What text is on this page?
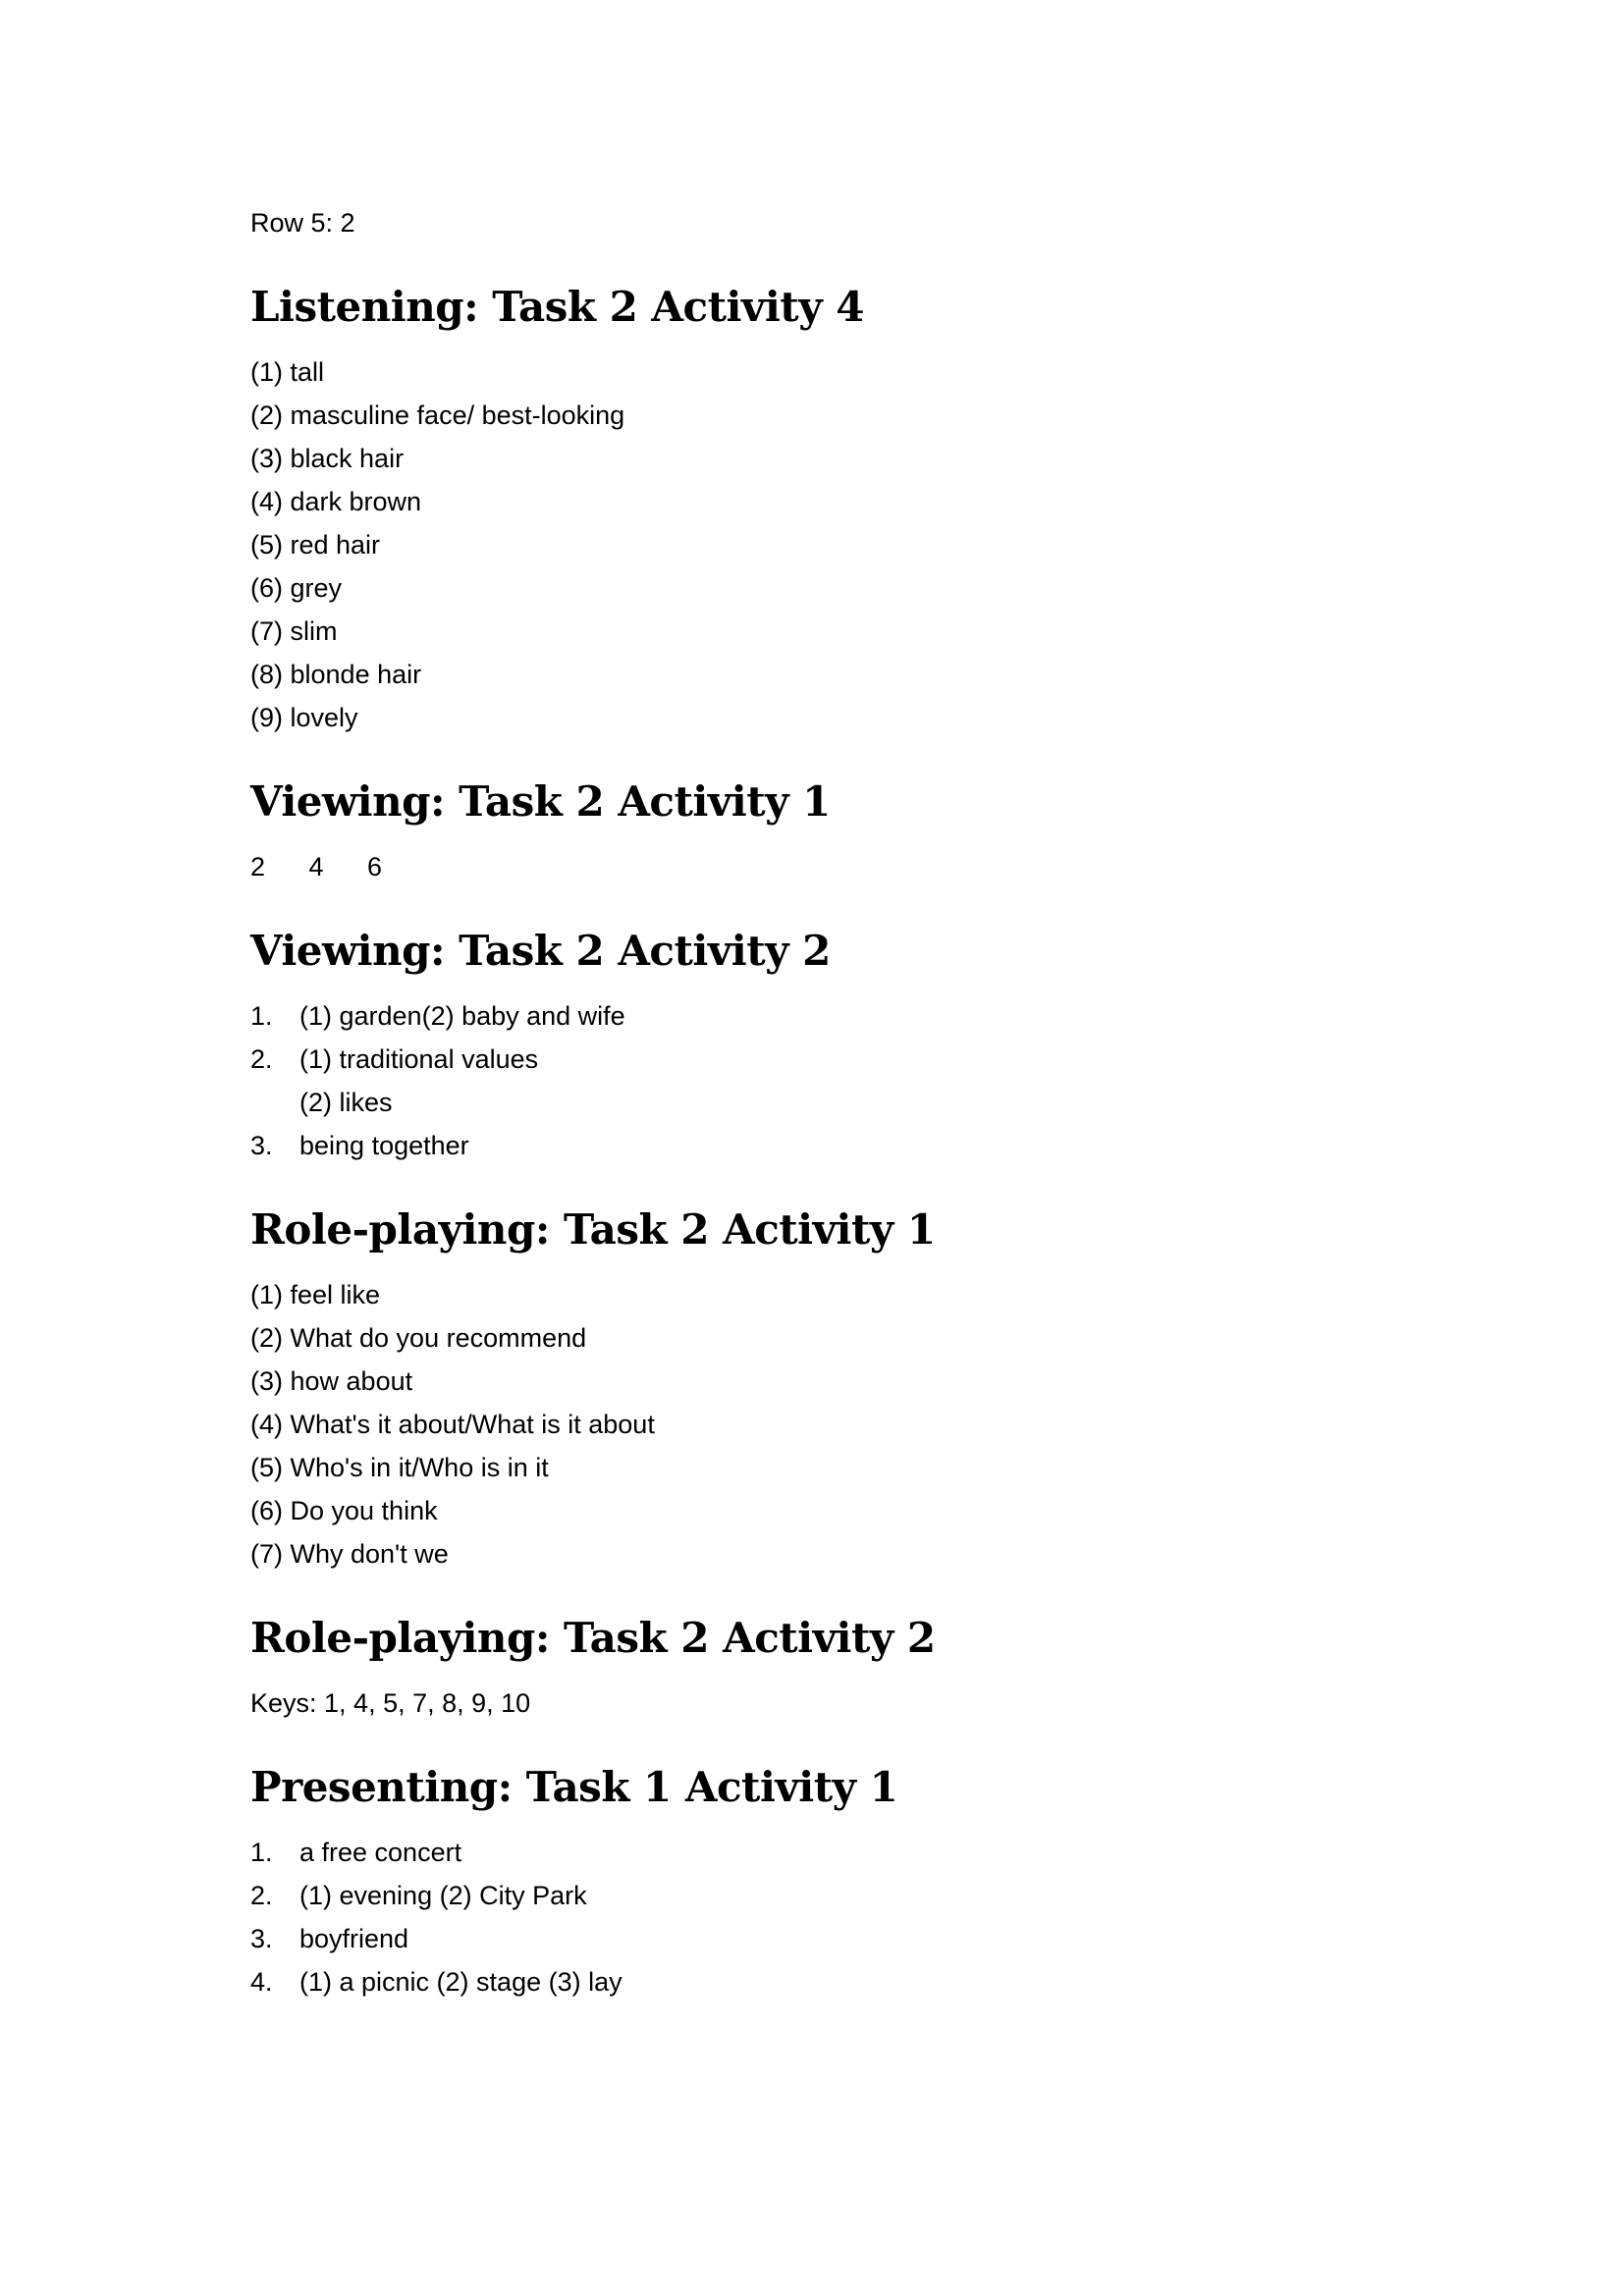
Row 5: 2

Listening: Task 2 Activity 4

(1) tall

(2) masculine face/ best-looking

(3) black hair

(4) dark brown

(5) red hair

(6) grey

(7) slim

(8) blonde hair

(9) lovely

Viewing: Task 2 Activity 1
2 4 6
Viewing: Task 2 Activity 2
1. (1) garden(2) baby and wife
2. (1) traditional values
(2) likes
3. being together
Role-playing: Task 2 Activity 1

(1) feel like

(2) What do you recommend

(3) how about

(4) What's it about/What is it about

(5) Who's in it/Who is in it

(6) Do you think

(7) Why don't we

Role-playing: Task 2 Activity 2

Keys: 1, 4, 5, 7, 8, 9, 10

Presenting: Task 1 Activity 1
1. a free concert
2. (1) evening (2) City Park
3. boyfriend
4. (1) a picnic (2) stage (3) lay
